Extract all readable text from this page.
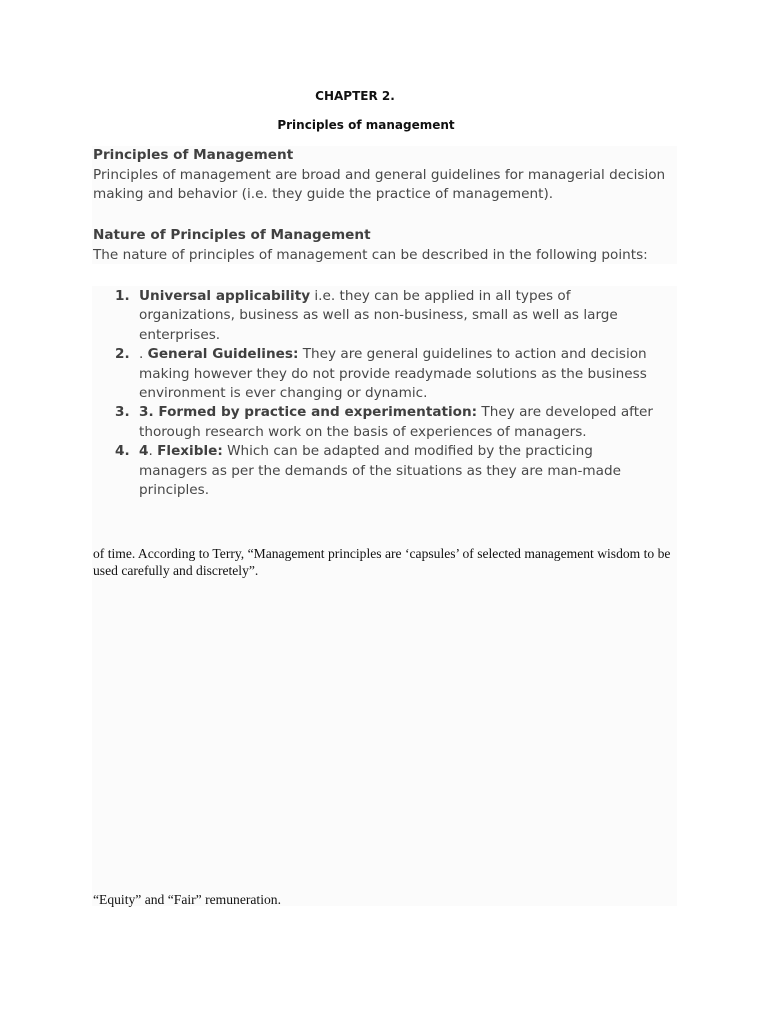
CHAPTER 2.
Principles of management
Principles of Management
Principles of management are broad and general guidelines for managerial decision making and behavior (i.e. they guide the practice of management).
Nature of Principles of Management
The nature of principles of management can be described in the following points:
1. Universal applicability i.e. they can be applied in all types of organizations, business as well as non-business, small as well as large enterprises.
2. . General Guidelines: They are general guidelines to action and decision making however they do not provide readymade solutions as the business environment is ever changing or dynamic.
3. 3. Formed by practice and experimentation: They are developed after thorough research work on the basis of experiences of managers.
4. 4. Flexible: Which can be adapted and modified by the practicing managers as per the demands of the situations as they are man-made principles.
of time. According to Terry, “Management principles are ‘capsules’ of selected management wisdom to be used carefully and discretely”.
“Equity” and “Fair” remuneration.
